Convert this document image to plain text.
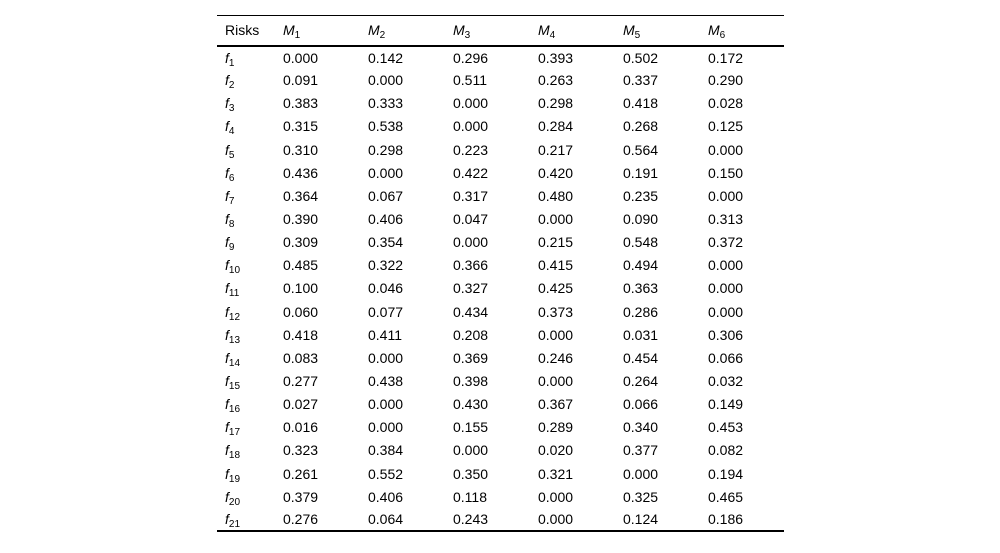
Risks	$M_1$	$M_2$	$M_3$	$M_4$	$M_5$	$M_6$
$f_1$	0.000	0.142	0.296	0.393	0.502	0.172
$f_2$	0.091	0.000	0.511	0.263	0.337	0.290
$f_3$	0.383	0.333	0.000	0.298	0.418	0.028
$f_4$	0.315	0.538	0.000	0.284	0.268	0.125
$f_5$	0.310	0.298	0.223	0.217	0.564	0.000
$f_6$	0.436	0.000	0.422	0.420	0.191	0.150
$f_7$	0.364	0.067	0.317	0.480	0.235	0.000
$f_8$	0.390	0.406	0.047	0.000	0.090	0.313
$f_9$	0.309	0.354	0.000	0.215	0.548	0.372
$f_{10}$	0.485	0.322	0.366	0.415	0.494	0.000
$f_{11}$	0.100	0.046	0.327	0.425	0.363	0.000
$f_{12}$	0.060	0.077	0.434	0.373	0.286	0.000
$f_{13}$	0.418	0.411	0.208	0.000	0.031	0.306
$f_{14}$	0.083	0.000	0.369	0.246	0.454	0.066
$f_{15}$	0.277	0.438	0.398	0.000	0.264	0.032
$f_{16}$	0.027	0.000	0.430	0.367	0.066	0.149
$f_{17}$	0.016	0.000	0.155	0.289	0.340	0.453
$f_{18}$	0.323	0.384	0.000	0.020	0.377	0.082
$f_{19}$	0.261	0.552	0.350	0.321	0.000	0.194
$f_{20}$	0.379	0.406	0.118	0.000	0.325	0.465
$f_{21}$	0.276	0.064	0.243	0.000	0.124	0.186
